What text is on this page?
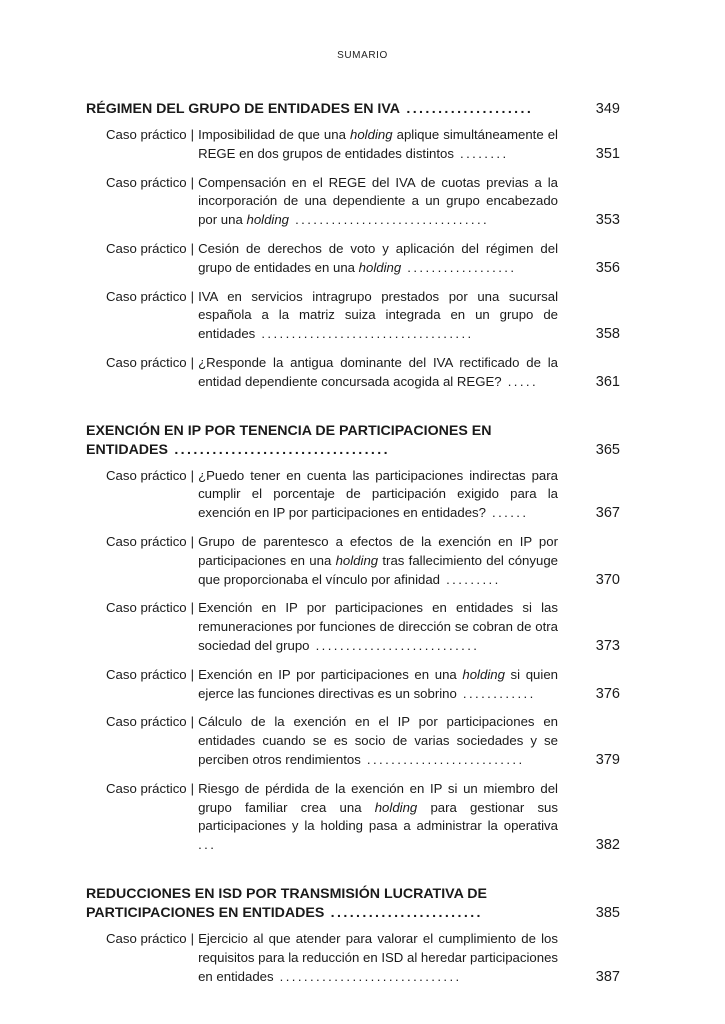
SUMARIO
RÉGIMEN DEL GRUPO DE ENTIDADES EN IVA ....................	349
Caso práctico | Imposibilidad de que una holding aplique simultáneamente el REGE en dos grupos de entidades distintos ........	351
Caso práctico | Compensación en el REGE del IVA de cuotas previas a la incorporación de una dependiente a un grupo encabezado por una holding ................................	353
Caso práctico | Cesión de derechos de voto y aplicación del régimen del grupo de entidades en una holding ..................	356
Caso práctico | IVA en servicios intragrupo prestados por una sucursal española a la matriz suiza integrada en un grupo de entidades ...................................	358
Caso práctico | ¿Responde la antigua dominante del IVA rectificado de la entidad dependiente concursada acogida al REGE? .....	361
EXENCIÓN EN IP POR TENENCIA DE PARTICIPACIONES EN ENTIDADES ..................................	365
Caso práctico | ¿Puedo tener en cuenta las participaciones indirectas para cumplir el porcentaje de participación exigido para la exención en IP por participaciones en entidades? ......	367
Caso práctico | Grupo de parentesco a efectos de la exención en IP por participaciones en una holding tras fallecimiento del cónyuge que proporcionaba el vínculo por afinidad .........	370
Caso práctico | Exención en IP por participaciones en entidades si las remuneraciones por funciones de dirección se cobran de otra sociedad del grupo ...........................	373
Caso práctico | Exención en IP por participaciones en una holding si quien ejerce las funciones directivas es un sobrino ............	376
Caso práctico | Cálculo de la exención en el IP por participaciones en entidades cuando se es socio de varias sociedades y se perciben otros rendimientos ..........................	379
Caso práctico | Riesgo de pérdida de la exención en IP si un miembro del grupo familiar crea una holding para gestionar sus participaciones y la holding pasa a administrar la operativa ...	382
REDUCCIONES EN ISD POR TRANSMISIÓN LUCRATIVA DE PARTICIPACIONES EN ENTIDADES ........................	385
Caso práctico | Ejercicio al que atender para valorar el cumplimiento de los requisitos para la reducción en ISD al heredar participaciones en entidades ..............................	387
